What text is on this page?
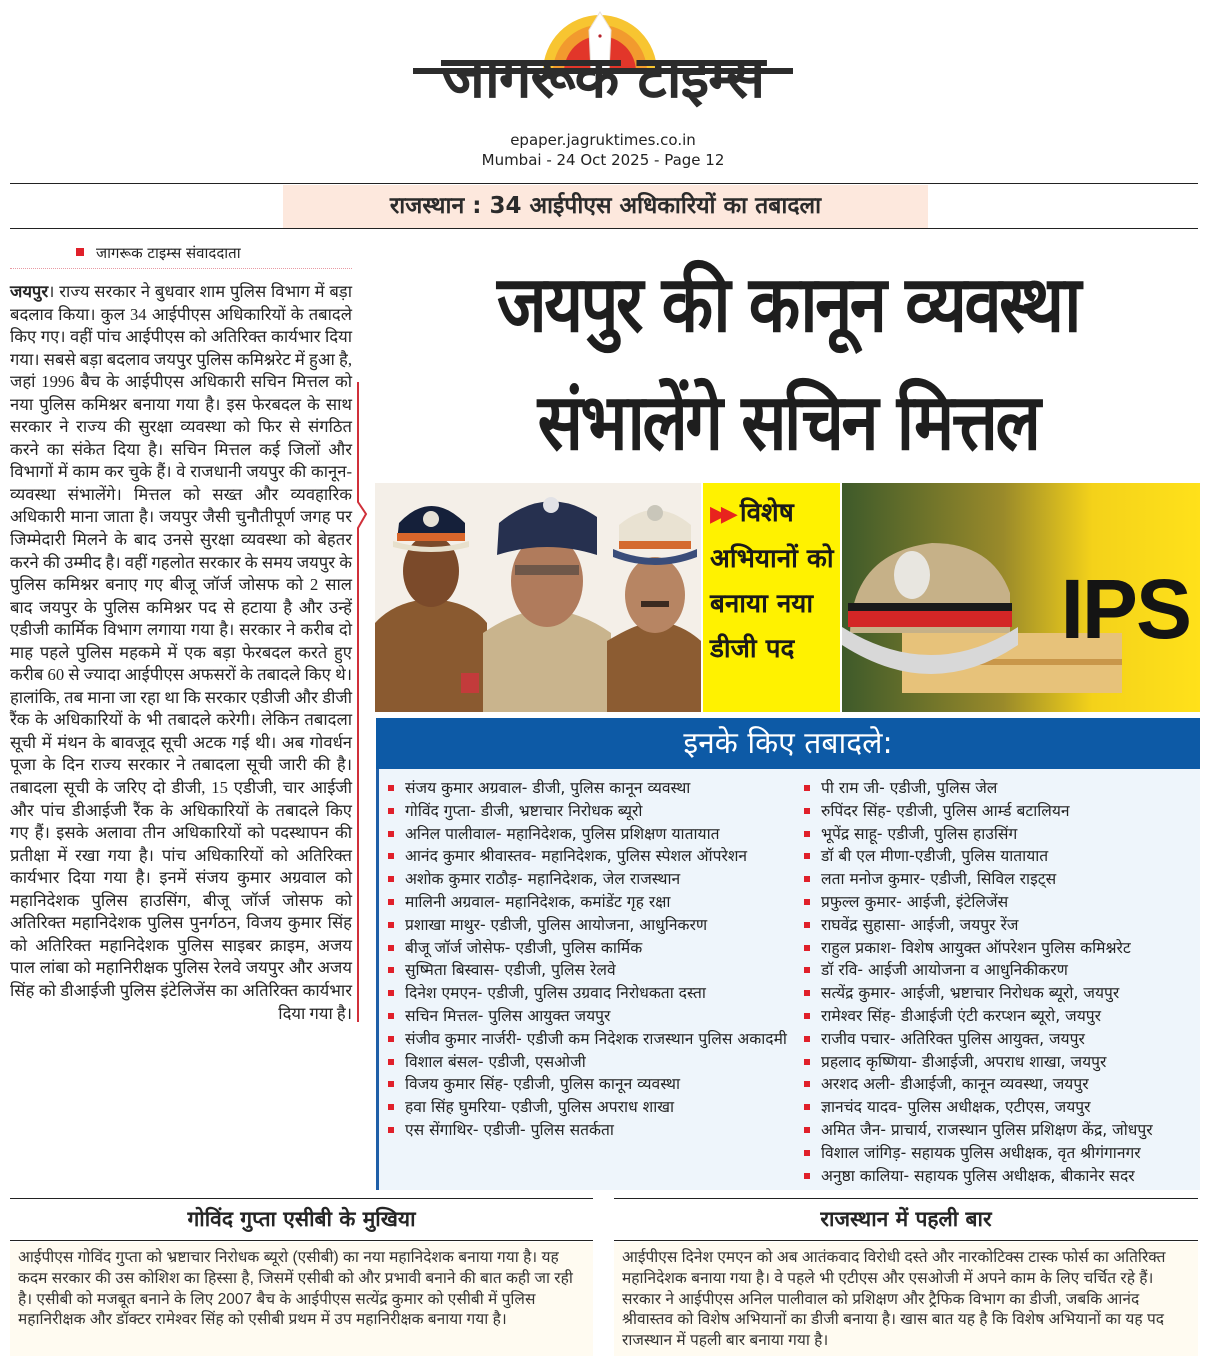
जागरूक टाइम्स
epaper.jagruktimes.co.in
Mumbai - 24 Oct 2025 - Page 12
राजस्थान : 34 आईपीएस अधिकारियों का तबादला
जागरूक टाइम्स संवाददाता
जयपुर। राज्य सरकार ने बुधवार शाम पुलिस विभाग में बड़ा बदलाव किया। कुल 34 आईपीएस अधिकारियों के तबादले किए गए। वहीं पांच आईपीएस को अतिरिक्त कार्यभार दिया गया। सबसे बड़ा बदलाव जयपुर पुलिस कमिश्नरेट में हुआ है, जहां 1996 बैच के आईपीएस अधिकारी सचिन मित्तल को नया पुलिस कमिश्नर बनाया गया है। इस फेरबदल के साथ सरकार ने राज्य की सुरक्षा व्यवस्था को फिर से संगठित करने का संकेत दिया है। सचिन मित्तल कई जिलों और विभागों में काम कर चुके हैं। वे राजधानी जयपुर की कानून-व्यवस्था संभालेंगे। मित्तल को सख्त और व्यवहारिक अधिकारी माना जाता है। जयपुर जैसी चुनौतीपूर्ण जगह पर जिम्मेदारी मिलने के बाद उनसे सुरक्षा व्यवस्था को बेहतर करने की उम्मीद है। वहीं गहलोत सरकार के समय जयपुर के पुलिस कमिश्नर बनाए गए बीजू जॉर्ज जोसफ को 2 साल बाद जयपुर के पुलिस कमिश्नर पद से हटाया है और उन्हें एडीजी कार्मिक विभाग लगाया गया है। सरकार ने करीब दो माह पहले पुलिस महकमे में एक बड़ा फेरबदल करते हुए करीब 60 से ज्यादा आईपीएस अफसरों के तबादले किए थे। हालांकि, तब माना जा रहा था कि सरकार एडीजी और डीजी रैंक के अधिकारियों के भी तबादले करेगी। लेकिन तबादला सूची में मंथन के बावजूद सूची अटक गई थी। अब गोवर्धन पूजा के दिन राज्य सरकार ने तबादला सूची जारी की है। तबादला सूची के जरिए दो डीजी, 15 एडीजी, चार आईजी और पांच डीआईजी रैंक के अधिकारियों के तबादले किए गए हैं। इसके अलावा तीन अधिकारियों को पदस्थापन की प्रतीक्षा में रखा गया है। पांच अधिकारियों को अतिरिक्त कार्यभार दिया गया है। इनमें संजय कुमार अग्रवाल को महानिदेशक पुलिस हाउसिंग, बीजू जॉर्ज जोसफ को अतिरिक्त महानिदेशक पुलिस पुनर्गठन, विजय कुमार सिंह को अतिरिक्त महानिदेशक पुलिस साइबर क्राइम, अजय पाल लांबा को महानिरीक्षक पुलिस रेलवे जयपुर और अजय सिंह को डीआईजी पुलिस इंटेलिजेंस का अतिरिक्त कार्यभार दिया गया है।
जयपुर की कानून व्यवस्था
संभालेंगे सचिन मित्तल
▶▶ विशेष अभियानों को बनाया नया डीजी पद	IPS
इनके किए तबादले:
संजय कुमार अग्रवाल- डीजी, पुलिस कानून व्यवस्था
गोविंद गुप्ता- डीजी, भ्रष्टाचार निरोधक ब्यूरो
अनिल पालीवाल- महानिदेशक, पुलिस प्रशिक्षण यातायात
आनंद कुमार श्रीवास्तव- महानिदेशक, पुलिस स्पेशल ऑपरेशन
अशोक कुमार राठौड़- महानिदेशक, जेल राजस्थान
मालिनी अग्रवाल- महानिदेशक, कमांडेंट गृह रक्षा
प्रशाखा माथुर- एडीजी, पुलिस आयोजना, आधुनिकरण
बीजू जॉर्ज जोसेफ- एडीजी, पुलिस कार्मिक
सुष्मिता बिस्वास- एडीजी, पुलिस रेलवे
दिनेश एमएन- एडीजी, पुलिस उग्रवाद निरोधकता दस्ता
सचिन मित्तल- पुलिस आयुक्त जयपुर
संजीव कुमार नार्जरी- एडीजी कम निदेशक राजस्थान पुलिस अकादमी
विशाल बंसल- एडीजी, एसओजी
विजय कुमार सिंह- एडीजी, पुलिस कानून व्यवस्था
हवा सिंह घुमरिया- एडीजी, पुलिस अपराध शाखा
एस सेंगाथिर- एडीजी- पुलिस सतर्कता
पी राम जी- एडीजी, पुलिस जेल
रुपिंदर सिंह- एडीजी, पुलिस आर्म्ड बटालियन
भूपेंद्र साहू- एडीजी, पुलिस हाउसिंग
डॉ बी एल मीणा-एडीजी, पुलिस यातायात
लता मनोज कुमार- एडीजी, सिविल राइट्स
प्रफुल्ल कुमार- आईजी, इंटेलिजेंस
राघवेंद्र सुहासा- आईजी, जयपुर रेंज
राहुल प्रकाश- विशेष आयुक्त ऑपरेशन पुलिस कमिश्नरेट
डॉ रवि- आईजी आयोजना व आधुनिकीकरण
सत्येंद्र कुमार- आईजी, भ्रष्टाचार निरोधक ब्यूरो, जयपुर
रामेश्वर सिंह- डीआईजी एंटी करप्शन ब्यूरो, जयपुर
राजीव पचार- अतिरिक्त पुलिस आयुक्त, जयपुर
प्रहलाद कृष्णिया- डीआईजी, अपराध शाखा, जयपुर
अरशद अली- डीआईजी, कानून व्यवस्था, जयपुर
ज्ञानचंद यादव- पुलिस अधीक्षक, एटीएस, जयपुर
अमित जैन- प्राचार्य, राजस्थान पुलिस प्रशिक्षण केंद्र, जोधपुर
विशाल जांगिड़- सहायक पुलिस अधीक्षक, वृत श्रीगंगानगर
अनुष्ठा कालिया- सहायक पुलिस अधीक्षक, बीकानेर सदर
गोविंद गुप्ता एसीबी के मुखिया
आईपीएस गोविंद गुप्ता को भ्रष्टाचार निरोधक ब्यूरो (एसीबी) का नया महानिदेशक बनाया गया है। यह कदम सरकार की उस कोशिश का हिस्सा है, जिसमें एसीबी को और प्रभावी बनाने की बात कही जा रही है। एसीबी को मजबूत बनाने के लिए 2007 बैच के आईपीएस सत्येंद्र कुमार को एसीबी में पुलिस महानिरीक्षक और डॉक्टर रामेश्वर सिंह को एसीबी प्रथम में उप महानिरीक्षक बनाया गया है।
राजस्थान में पहली बार
आईपीएस दिनेश एमएन को अब आतंकवाद विरोधी दस्ते और नारकोटिक्स टास्क फोर्स का अतिरिक्त महानिदेशक बनाया गया है। वे पहले भी एटीएस और एसओजी में अपने काम के लिए चर्चित रहे हैं। सरकार ने आईपीएस अनिल पालीवाल को प्रशिक्षण और ट्रैफिक विभाग का डीजी, जबकि आनंद श्रीवास्तव को विशेष अभियानों का डीजी बनाया है। खास बात यह है कि विशेष अभियानों का यह पद राजस्थान में पहली बार बनाया गया है।
